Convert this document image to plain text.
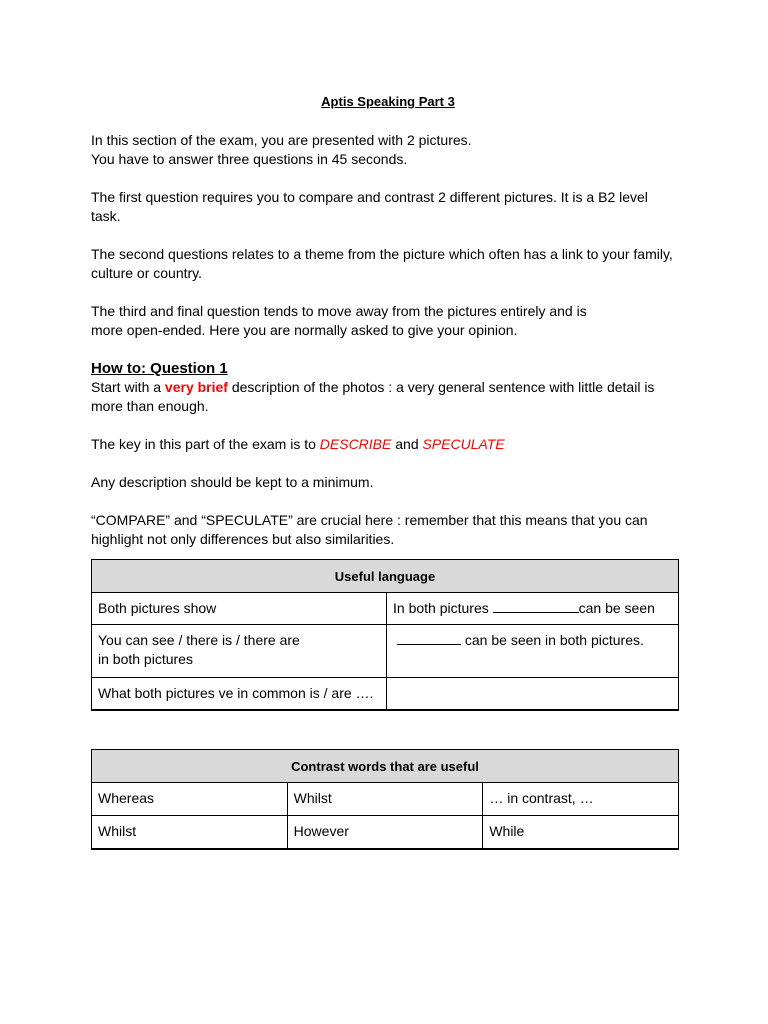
Aptis Speaking Part 3

In this section of the exam, you are presented with 2 pictures.

You have to answer three questions in 45 seconds.

The first question requires you to compare and contrast 2 different pictures. It is a B2 level task.

The second questions relates to a theme from the picture which often has a link to your family,

culture or country.

The third and final question tends to move away from the pictures entirely and is

more open-ended. Here you are normally asked to give your opinion.

How to: Question 1

Start with a very brief description of the photos : a very general sentence with little detail is

more than enough.

The key in this part of the exam is to DESCRIBE and SPECULATE

Any description should be kept to a minimum.

“COMPARE” and “SPECULATE” are crucial here : remember that this means that you can

highlight not only differences but also similarities.

Useful language	
Both pictures show	In both pictures can be seen
You can see / there is / there are
in both pictures	can be seen in both pictures.
What both pictures ve in common is / are ….	
Contrast words that are useful		
Whereas	Whilst	… in contrast, …
Whilst	However	While
